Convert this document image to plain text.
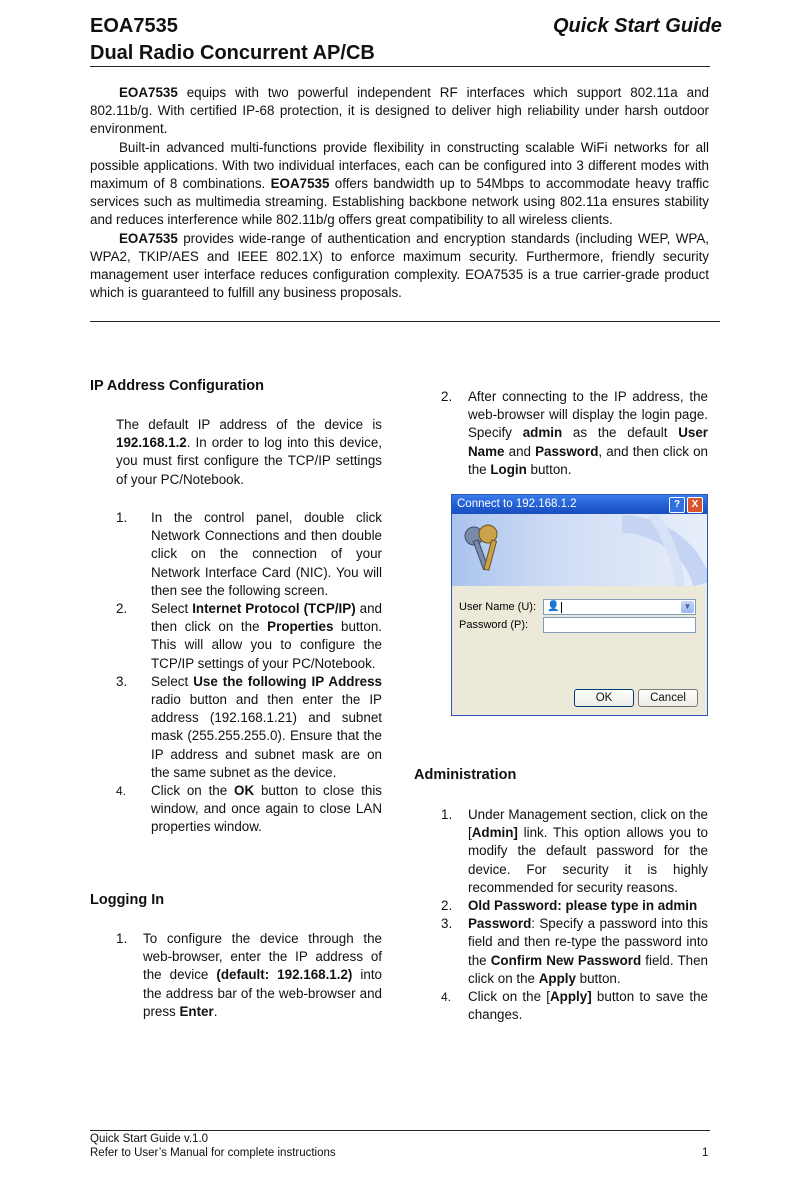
EOA7535	Quick Start Guide
Dual Radio Concurrent AP/CB

EOA7535 equips with two powerful independent RF interfaces which support 802.11a and 802.11b/g. With certified IP-68 protection, it is designed to deliver high reliability under harsh outdoor environment.

Built-in advanced multi-functions provide flexibility in constructing scalable WiFi networks for all possible applications. With two individual interfaces, each can be configured into 3 different modes with maximum of 8 combinations. EOA7535 offers bandwidth up to 54Mbps to accommodate heavy traffic services such as multimedia streaming. Establishing backbone network using 802.11a ensures stability and reduces interference while 802.11b/g offers great compatibility to all wireless clients.

EOA7535 provides wide-range of authentication and encryption standards (including WEP, WPA, WPA2, TKIP/AES and IEEE 802.1X) to enforce maximum security. Furthermore, friendly security management user interface reduces configuration complexity. EOA7535 is a true carrier-grade product which is guaranteed to fulfill any business proposals.

IP Address Configuration
The default IP address of the device is 192.168.1.2. In order to log into this device, you must first configure the TCP/IP settings of your PC/Notebook.
1. In the control panel, double click Network Connections and then double click on the connection of your Network Interface Card (NIC). You will then see the following screen.
2. Select Internet Protocol (TCP/IP) and then click on the Properties button. This will allow you to configure the TCP/IP settings of your PC/Notebook.
3. Select Use the following IP Address radio button and then enter the IP address (192.168.1.21) and subnet mask (255.255.255.0). Ensure that the IP address and subnet mask are on the same subnet as the device.
4. Click on the OK button to close this window, and once again to close LAN properties window.
Logging In
1. To configure the device through the web-browser, enter the IP address of the device (default: 192.168.1.2) into the address bar of the web-browser and press Enter.
2. After connecting to the IP address, the web-browser will display the login page. Specify admin as the default User Name and Password, and then click on the Login button.
Connect to 192.168.1.2	?	X
User Name (U): 👤	▼
Password (P):
OK	Cancel
Administration
1. Under Management section, click on the [Admin] link. This option allows you to modify the default password for the device. For security it is highly recommended for security reasons.
2. Old Password: please type in admin
3. Password: Specify a password into this field and then re-type the password into the Confirm New Password field. Then click on the Apply button.
4. Click on the [Apply] button to save the changes.
Quick Start Guide v.1.0
Refer to User’s Manual for complete instructions	1
